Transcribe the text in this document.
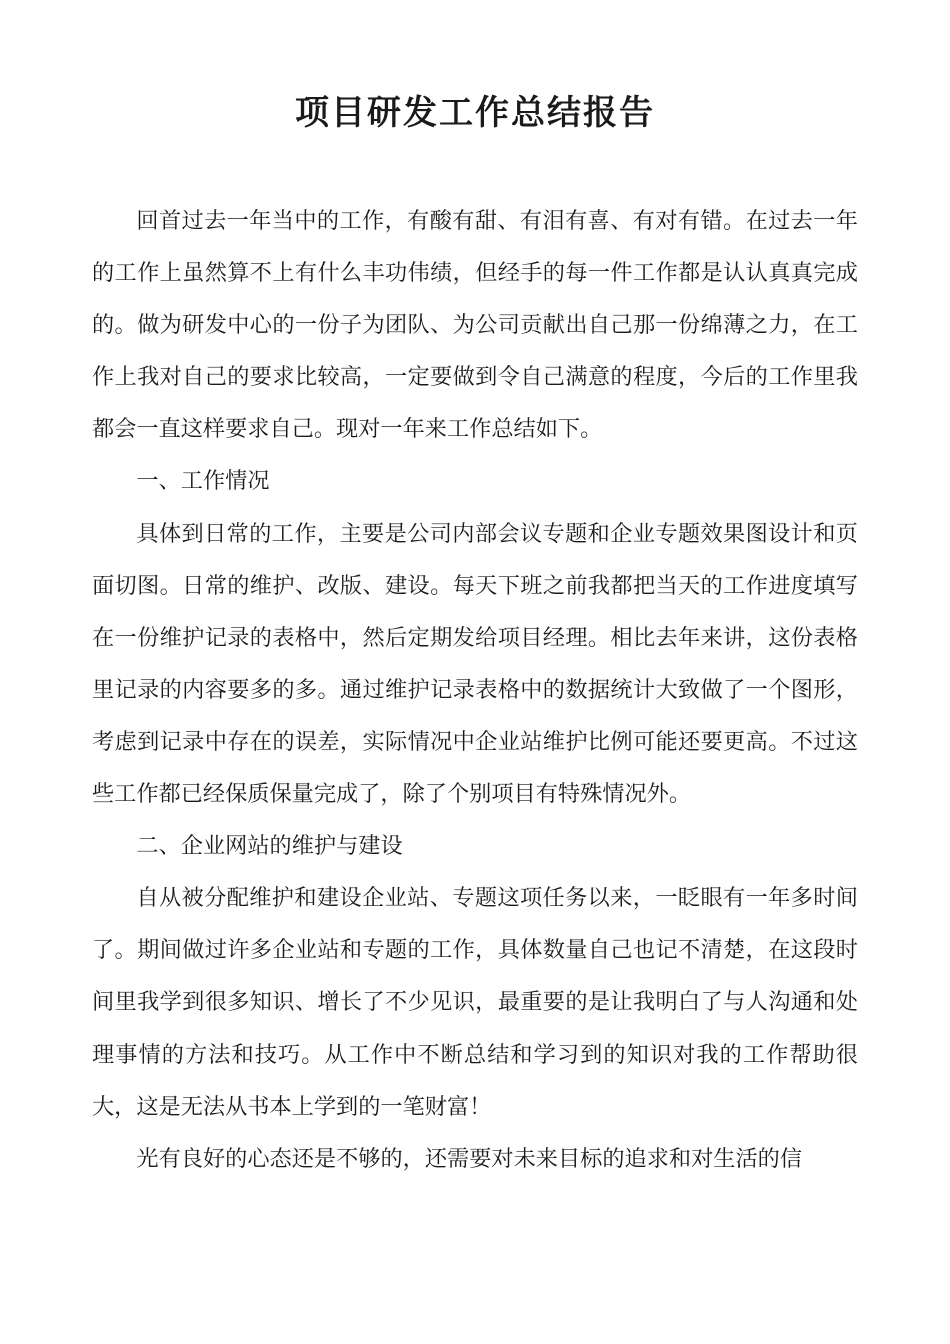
项目研发工作总结报告

回首过去一年当中的工作，有酸有甜、有泪有喜、有对有错。在过去一年的工作上虽然算不上有什么丰功伟绩，但经手的每一件工作都是认认真真完成的。做为研发中心的一份子为团队、为公司贡献出自己那一份绵薄之力，在工作上我对自己的要求比较高，一定要做到令自己满意的程度，今后的工作里我都会一直这样要求自己。现对一年来工作总结如下。

一、工作情况

具体到日常的工作，主要是公司内部会议专题和企业专题效果图设计和页面切图。日常的维护、改版、建设。每天下班之前我都把当天的工作进度填写在一份维护记录的表格中，然后定期发给项目经理。相比去年来讲，这份表格里记录的内容要多的多。通过维护记录表格中的数据统计大致做了一个图形，考虑到记录中存在的误差，实际情况中企业站维护比例可能还要更高。不过这些工作都已经保质保量完成了，除了个别项目有特殊情况外。

二、企业网站的维护与建设

自从被分配维护和建设企业站、专题这项任务以来，一眨眼有一年多时间了。期间做过许多企业站和专题的工作，具体数量自己也记不清楚，在这段时间里我学到很多知识、增长了不少见识，最重要的是让我明白了与人沟通和处理事情的方法和技巧。从工作中不断总结和学习到的知识对我的工作帮助很大，这是无法从书本上学到的一笔财富！

光有良好的心态还是不够的，还需要对未来目标的追求和对生活的信
